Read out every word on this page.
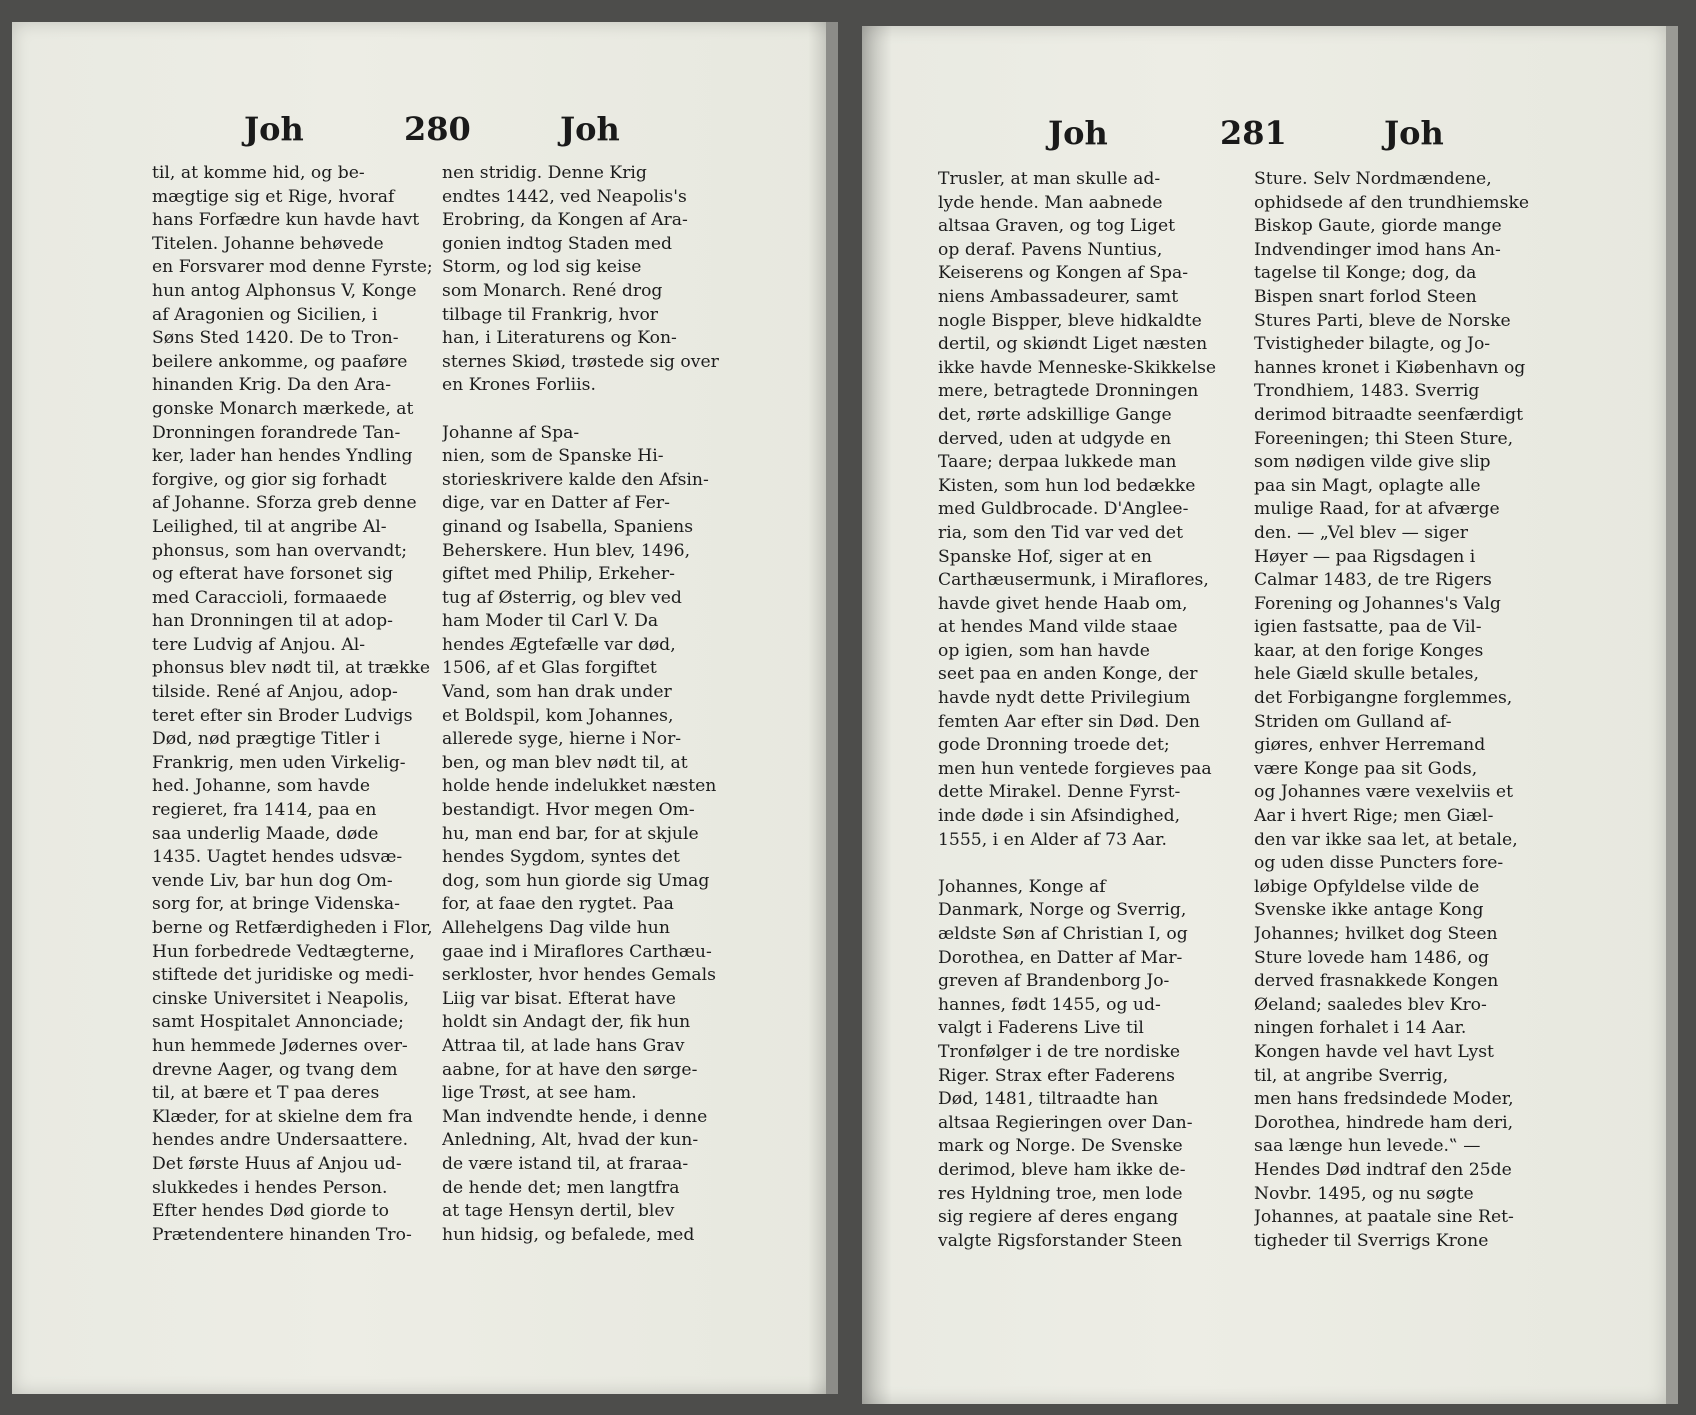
Joh	280	Joh
til, at komme hid, og be-
mægtige sig et Rige, hvoraf
hans Forfædre kun havde havt
Titelen. Johanne behøvede
en Forsvarer mod denne Fyrste;
hun antog Alphonsus V, Konge
af Aragonien og Sicilien, i
Søns Sted 1420. De to Tron-
beilere ankomme, og paaføre
hinanden Krig. Da den Ara-
gonske Monarch mærkede, at
Dronningen forandrede Tan-
ker, lader han hendes Yndling
forgive, og gior sig forhadt
af Johanne. Sforza greb denne
Leilighed, til at angribe Al-
phonsus, som han overvandt;
og efterat have forsonet sig
med Caraccioli, formaaede
han Dronningen til at adop-
tere Ludvig af Anjou. Al-
phonsus blev nødt til, at trække
tilside. René af Anjou, adop-
teret efter sin Broder Ludvigs
Død, nød prægtige Titler i
Frankrig, men uden Virkelig-
hed. Johanne, som havde
regieret, fra 1414, paa en
saa underlig Maade, døde
1435. Uagtet hendes udsvæ-
vende Liv, bar hun dog Om-
sorg for, at bringe Videnska-
berne og Retfærdigheden i Flor,
Hun forbedrede Vedtægterne,
stiftede det juridiske og medi-
cinske Universitet i Neapolis,
samt Hospitalet Annonciade;
hun hemmede Jødernes over-
drevne Aager, og tvang dem
til, at bære et T paa deres
Klæder, for at skielne dem fra
hendes andre Undersaattere.
Det første Huus af Anjou ud-
slukkedes i hendes Person.
Efter hendes Død giorde to
Prætendentere hinanden Tro-
nen stridig. Denne Krig
endtes 1442, ved Neapolis's
Erobring, da Kongen af Ara-
gonien indtog Staden med
Storm, og lod sig keise
som Monarch. René drog
tilbage til Frankrig, hvor
han, i Literaturens og Kon-
sternes Skiød, trøstede sig over
en Krones Forliis.
Johanne af Spa-
nien, som de Spanske Hi-
storieskrivere kalde den Afsin-
dige, var en Datter af Fer-
ginand og Isabella, Spaniens
Beherskere. Hun blev, 1496,
giftet med Philip, Erkeher-
tug af Østerrig, og blev ved
ham Moder til Carl V. Da
hendes Ægtefælle var død,
1506, af et Glas forgiftet
Vand, som han drak under
et Boldspil, kom Johannes,
allerede syge, hierne i Nor-
ben, og man blev nødt til, at
holde hende indelukket næsten
bestandigt. Hvor megen Om-
hu, man end bar, for at skjule
hendes Sygdom, syntes det
dog, som hun giorde sig Umag
for, at faae den rygtet. Paa
Allehelgens Dag vilde hun
gaae ind i Miraflores Carthæu-
serkloster, hvor hendes Gemals
Liig var bisat. Efterat have
holdt sin Andagt der, fik hun
Attraa til, at lade hans Grav
aabne, for at have den sørge-
lige Trøst, at see ham.
Man indvendte hende, i denne
Anledning, Alt, hvad der kun-
de være istand til, at fraraa-
de hende det; men langtfra
at tage Hensyn dertil, blev
hun hidsig, og befalede, med
Joh	281	Joh
Trusler, at man skulle ad-
lyde hende. Man aabnede
altsaa Graven, og tog Liget
op deraf. Pavens Nuntius,
Keiserens og Kongen af Spa-
niens Ambassadeurer, samt
nogle Bispper, bleve hidkaldte
dertil, og skiøndt Liget næsten
ikke havde Menneske-Skikkelse
mere, betragtede Dronningen
det, rørte adskillige Gange
derved, uden at udgyde en
Taare; derpaa lukkede man
Kisten, som hun lod bedække
med Guldbrocade. D'Anglee-
ria, som den Tid var ved det
Spanske Hof, siger at en
Carthæusermunk, i Miraflores,
havde givet hende Haab om,
at hendes Mand vilde staae
op igien, som han havde
seet paa en anden Konge, der
havde nydt dette Privilegium
femten Aar efter sin Død. Den
gode Dronning troede det;
men hun ventede forgieves paa
dette Mirakel. Denne Fyrst-
inde døde i sin Afsindighed,
1555, i en Alder af 73 Aar.
Johannes, Konge af
Danmark, Norge og Sverrig,
ældste Søn af Christian I, og
Dorothea, en Datter af Mar-
greven af Brandenborg Jo-
hannes, født 1455, og ud-
valgt i Faderens Live til
Tronfølger i de tre nordiske
Riger. Strax efter Faderens
Død, 1481, tiltraadte han
altsaa Regieringen over Dan-
mark og Norge. De Svenske
derimod, bleve ham ikke de-
res Hyldning troe, men lode
sig regiere af deres engang
valgte Rigsforstander Steen
Sture. Selv Nordmændene,
ophidsede af den trundhiemske
Biskop Gaute, giorde mange
Indvendinger imod hans An-
tagelse til Konge; dog, da
Bispen snart forlod Steen
Stures Parti, bleve de Norske
Tvistigheder bilagte, og Jo-
hannes kronet i Kiøbenhavn og
Trondhiem, 1483. Sverrig
derimod bitraadte seenfærdigt
Foreeningen; thi Steen Sture,
som nødigen vilde give slip
paa sin Magt, oplagte alle
mulige Raad, for at afværge
den. — „Vel blev — siger
Høyer — paa Rigsdagen i
Calmar 1483, de tre Rigers
Forening og Johannes's Valg
igien fastsatte, paa de Vil-
kaar, at den forige Konges
hele Giæld skulle betales,
det Forbigangne forglemmes,
Striden om Gulland af-
giøres, enhver Herremand
være Konge paa sit Gods,
og Johannes være vexelviis et
Aar i hvert Rige; men Giæl-
den var ikke saa let, at betale,
og uden disse Puncters fore-
løbige Opfyldelse vilde de
Svenske ikke antage Kong
Johannes; hvilket dog Steen
Sture lovede ham 1486, og
derved frasnakkede Kongen
Øeland; saaledes blev Kro-
ningen forhalet i 14 Aar.
Kongen havde vel havt Lyst
til, at angribe Sverrig,
men hans fredsindede Moder,
Dorothea, hindrede ham deri,
saa længe hun levede.‟ —
Hendes Død indtraf den 25de
Novbr. 1495, og nu søgte
Johannes, at paatale sine Ret-
tigheder til Sverrigs Krone
